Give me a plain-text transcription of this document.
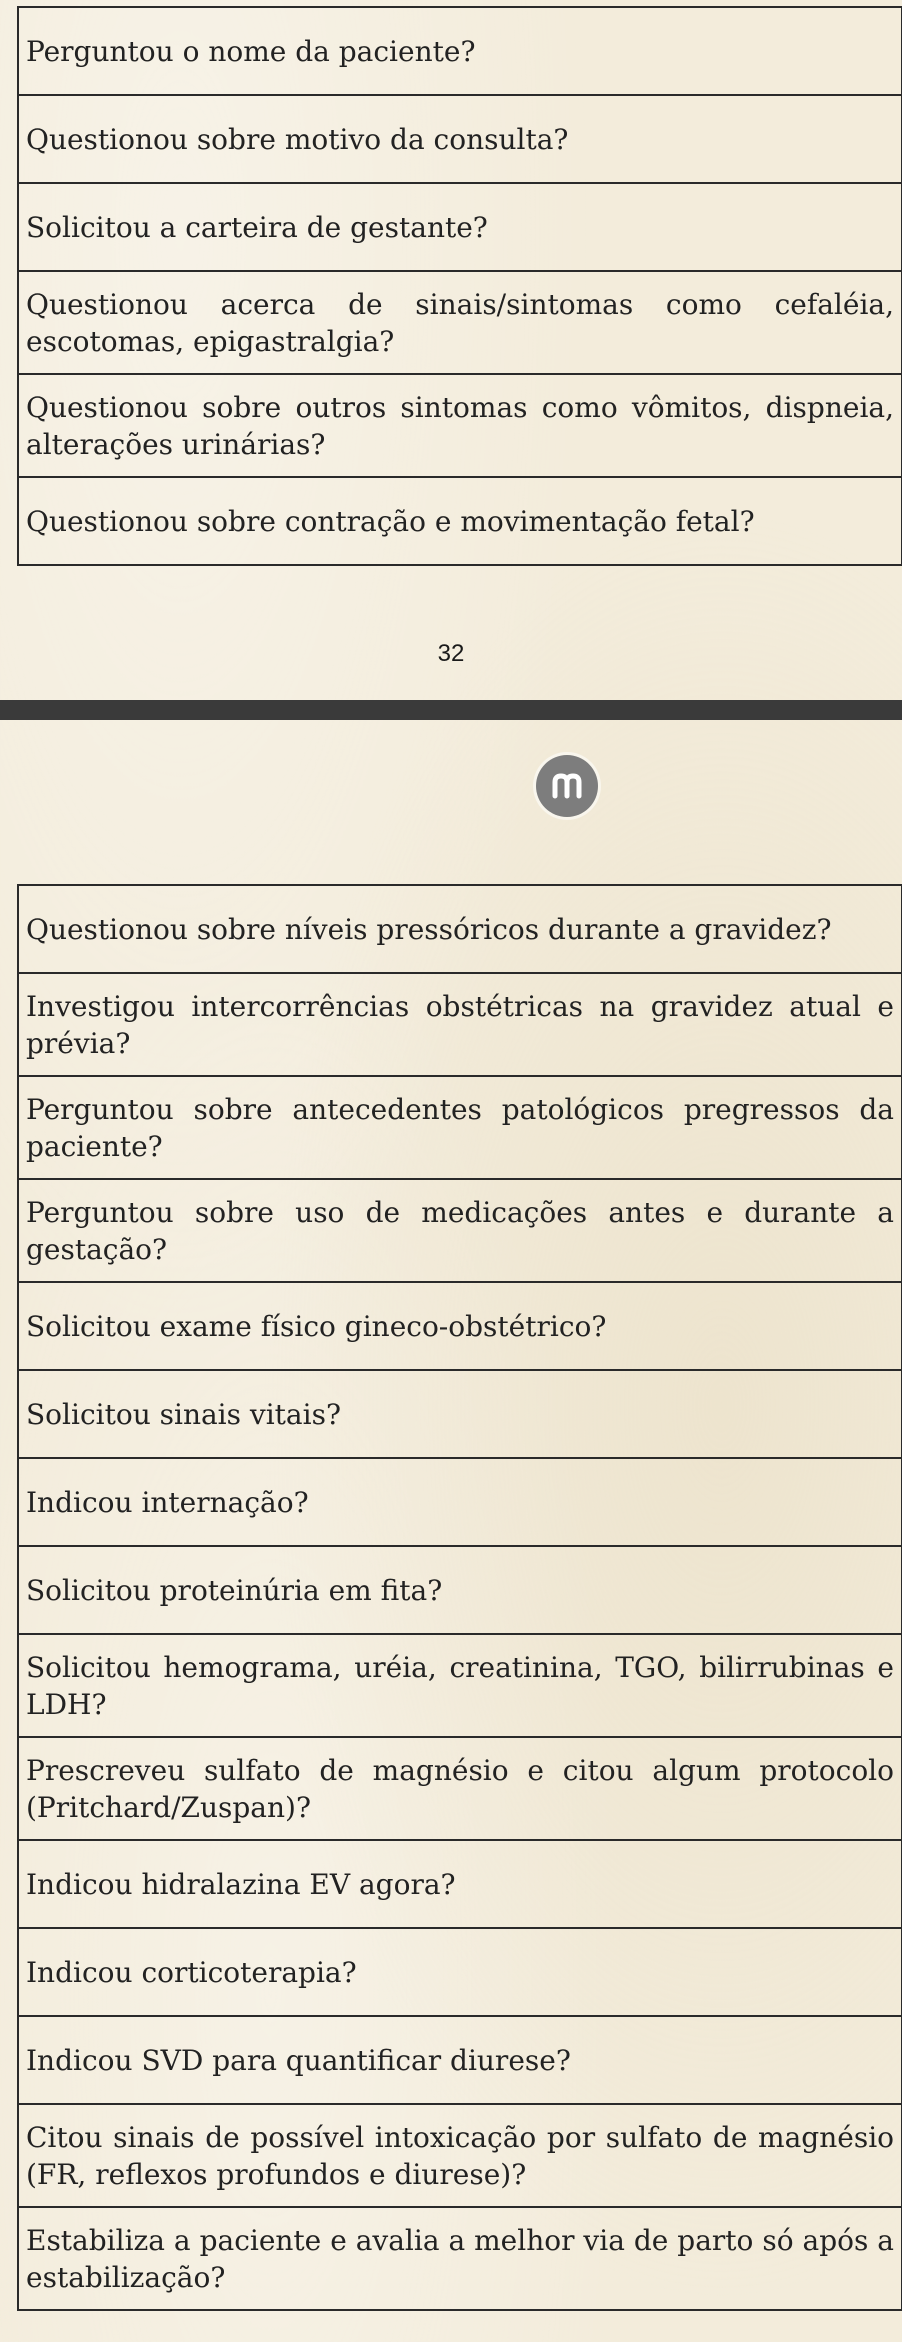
Perguntou o nome da paciente?	
Questionou sobre motivo da consulta?	
Solicitou a carteira de gestante?	
Questionou acerca de sinais/sintomas como cefaléia, escotomas, epigastralgia?	
Questionou sobre outros sintomas como vômitos, dispneia, alterações urinárias?	
Questionou sobre contração e movimentação fetal?	
32
Questionou sobre níveis pressóricos durante a gravidez?	
Investigou intercorrências obstétricas na gravidez atual e prévia?	
Perguntou sobre antecedentes patológicos pregressos da paciente?	
Perguntou sobre uso de medicações antes e durante a gestação?	
Solicitou exame físico gineco-obstétrico?	
Solicitou sinais vitais?	
Indicou internação?	
Solicitou proteinúria em fita?	
Solicitou hemograma, uréia, creatinina, TGO, bilirrubinas e LDH?	
Prescreveu sulfato de magnésio e citou algum protocolo (Pritchard/Zuspan)?	
Indicou hidralazina EV agora?	
Indicou corticoterapia?	
Indicou SVD para quantificar diurese?	
Citou sinais de possível intoxicação por sulfato de magnésio (FR, reflexos profundos e diurese)?	
Estabiliza a paciente e avalia a melhor via de parto só após a estabilização?	
